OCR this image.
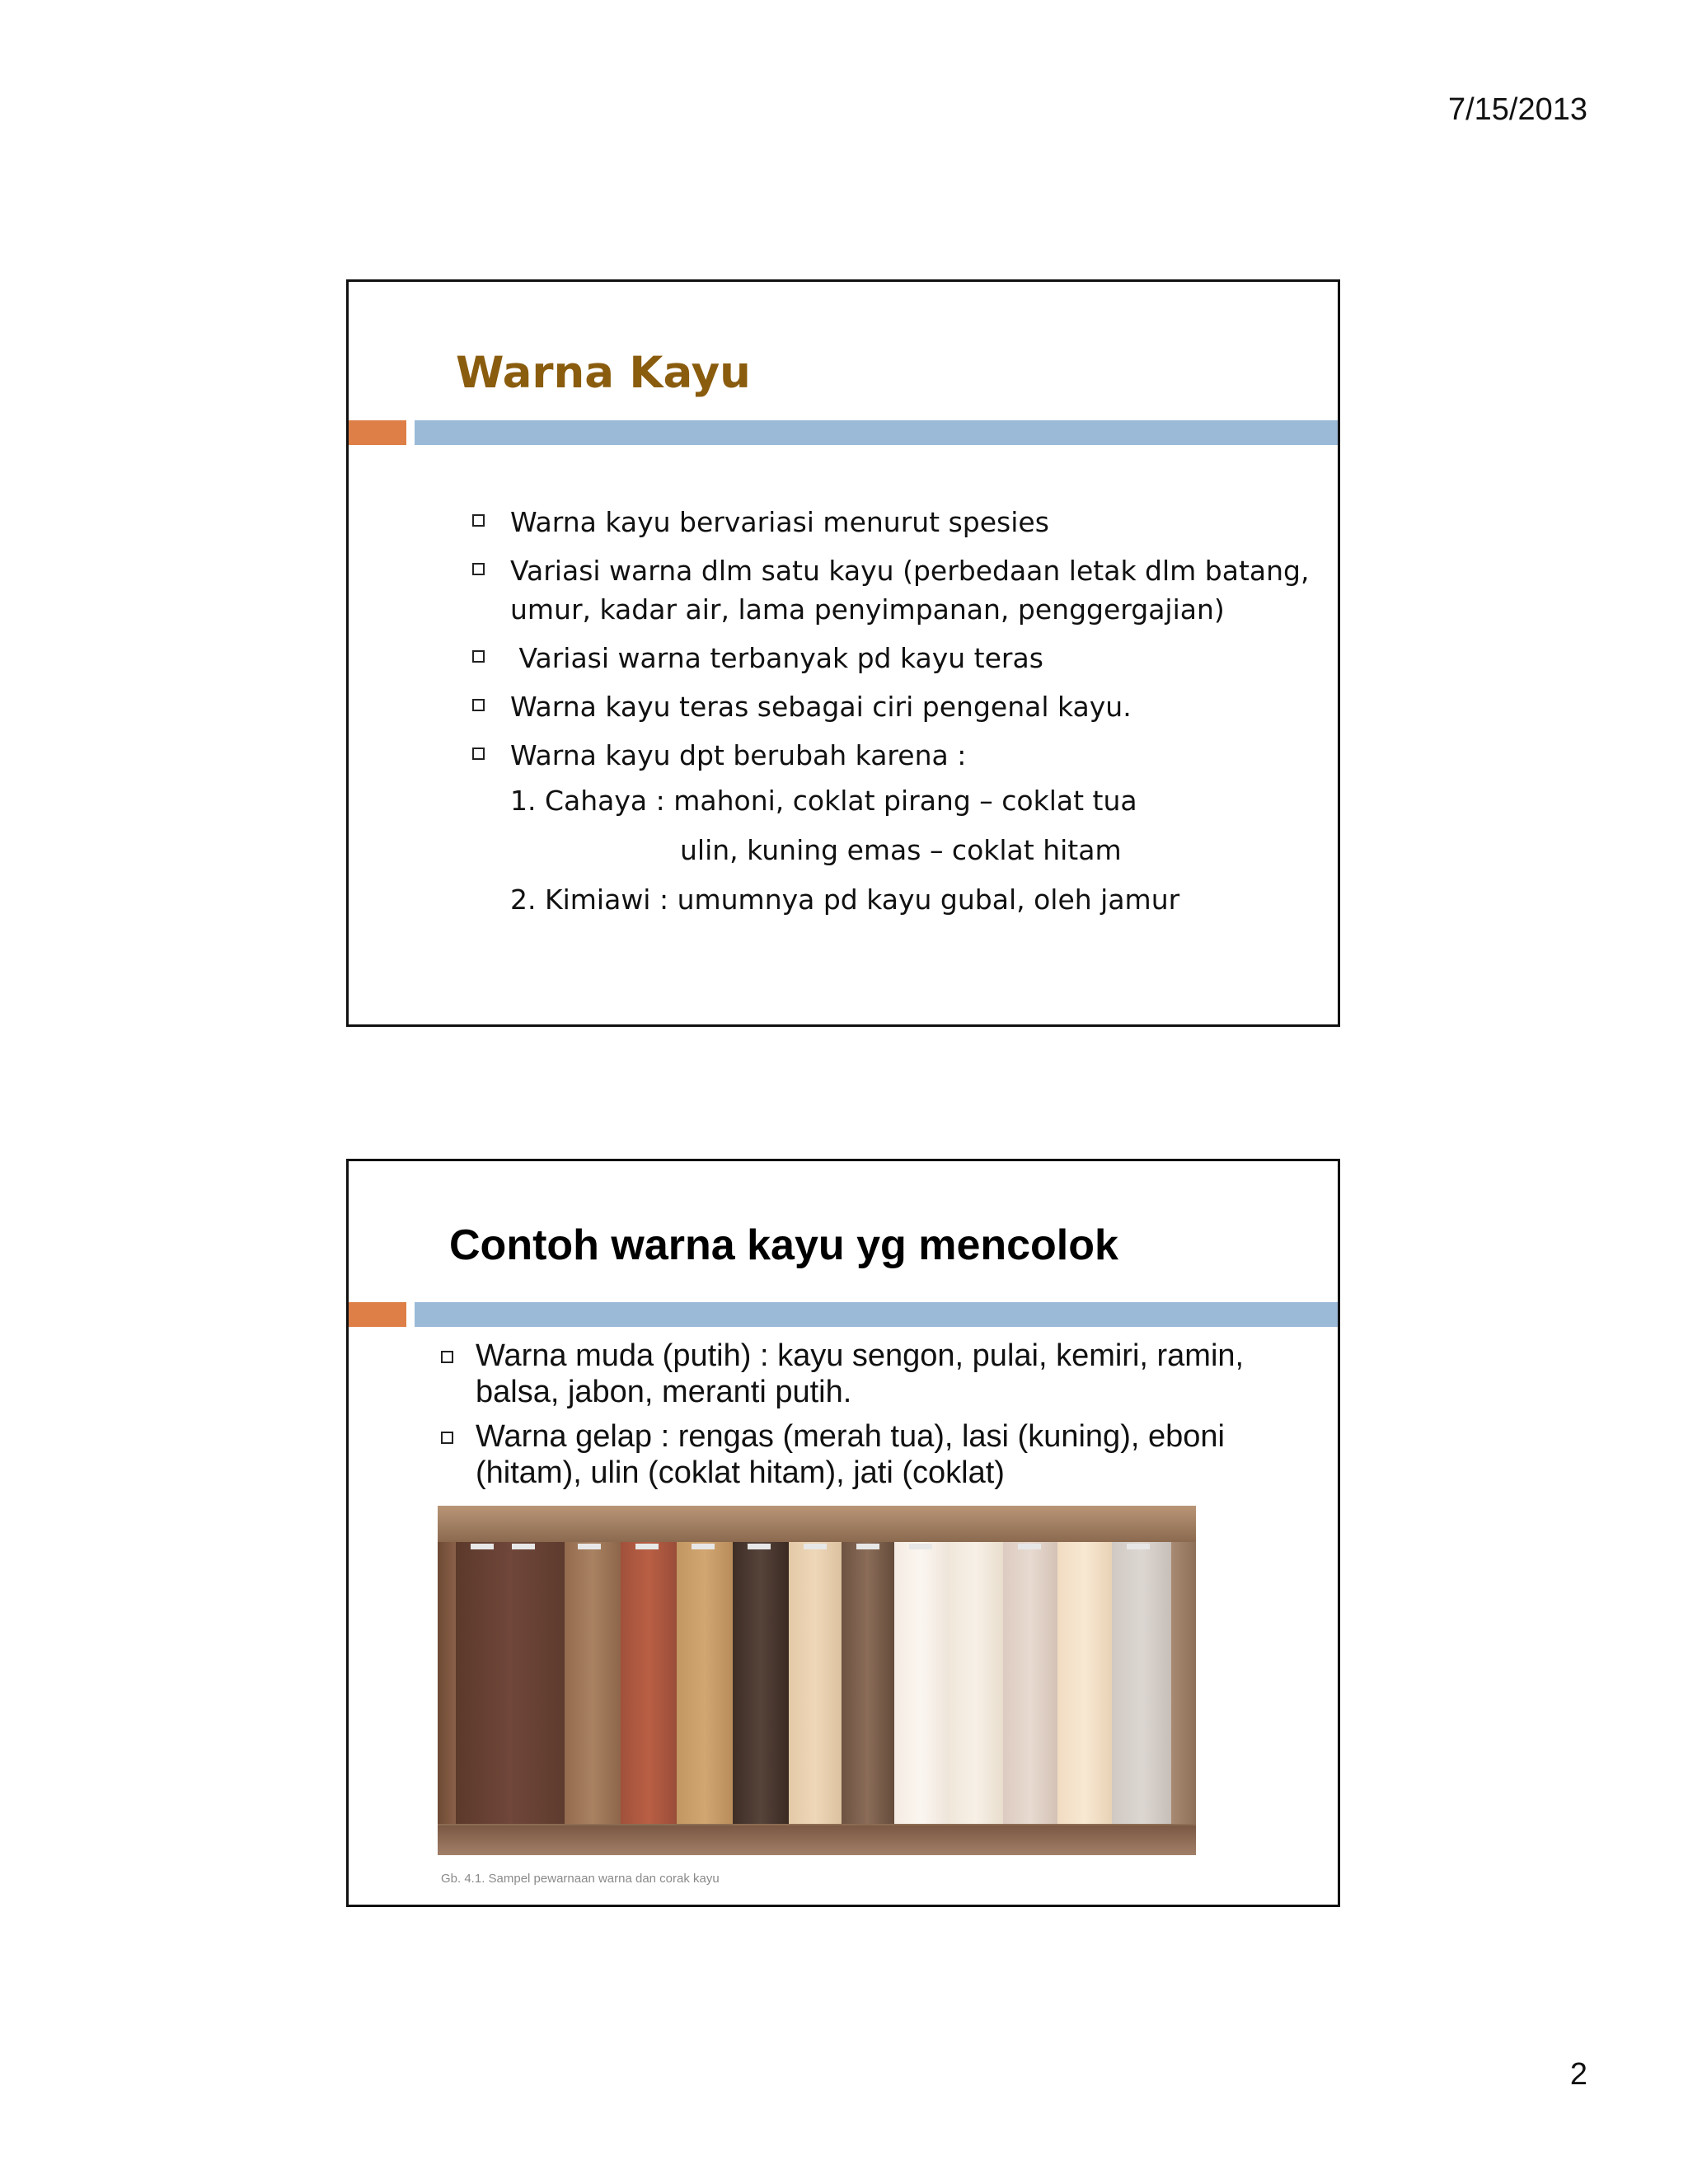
7/15/2013
Warna Kayu
Warna kayu bervariasi menurut spesies
Variasi warna dlm satu kayu (perbedaan letak dlm batang, umur, kadar air, lama penyimpanan, penggergajian)
Variasi warna terbanyak pd kayu teras
Warna kayu teras sebagai ciri pengenal kayu.
Warna kayu dpt berubah karena :
1. Cahaya : mahoni, coklat pirang – coklat tua
ulin, kuning emas – coklat hitam
2. Kimiawi : umumnya pd kayu gubal, oleh jamur
Contoh warna kayu yg mencolok
Warna muda (putih) : kayu sengon, pulai, kemiri, ramin, balsa, jabon, meranti putih.
Warna gelap : rengas (merah tua), lasi (kuning), eboni (hitam), ulin (coklat hitam), jati (coklat)
Gb. 4.1. Sampel pewarnaan warna dan corak kayu
2
